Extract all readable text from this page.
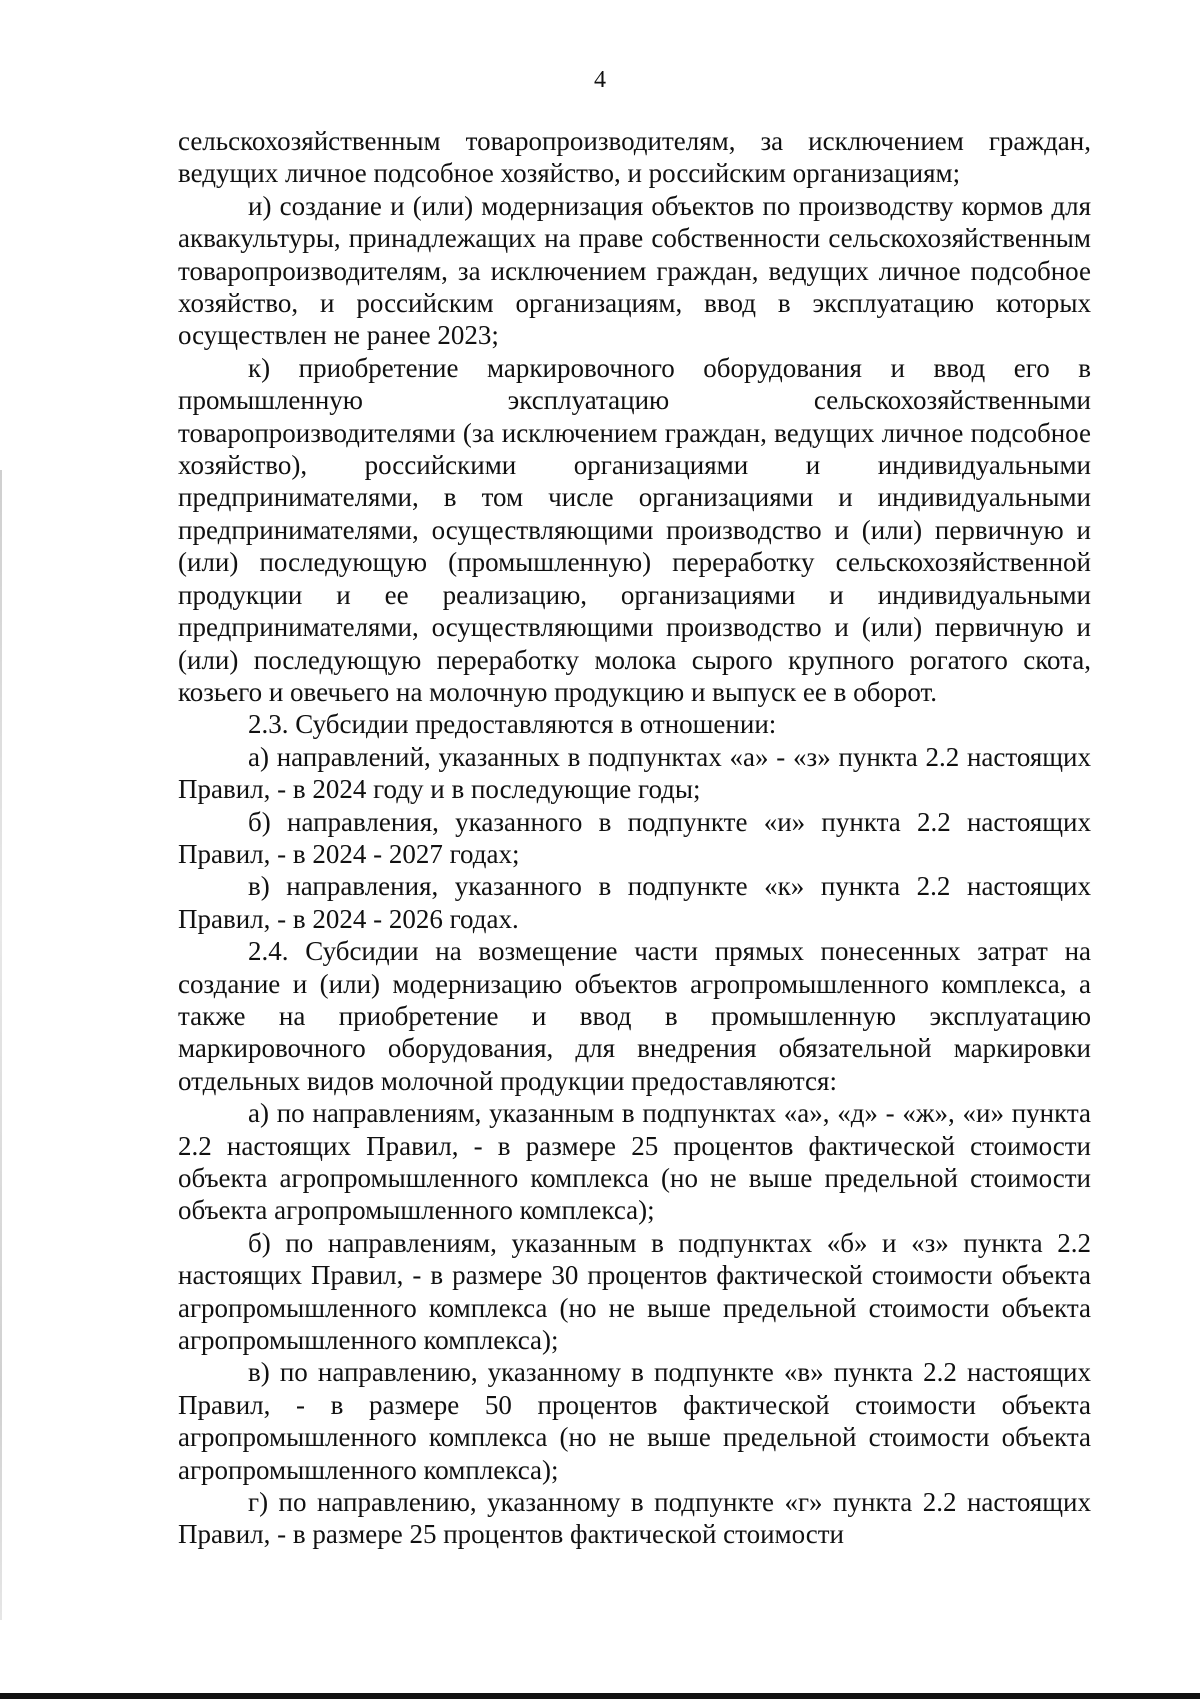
4

сельскохозяйственным товаропроизводителям, за исключением граждан, ведущих личное подсобное хозяйство, и российским организациям;

и) создание и (или) модернизация объектов по производству кормов для аквакультуры, принадлежащих на праве собственности сельскохозяйственным товаропроизводителям, за исключением граждан, ведущих личное подсобное хозяйство, и российским организациям, ввод в эксплуатацию которых осуществлен не ранее 2023;

к) приобретение маркировочного оборудования и ввод его в промышленную эксплуатацию сельскохозяйственными товаропроизводителями (за исключением граждан, ведущих личное подсобное хозяйство), российскими организациями и индивидуальными предпринимателями, в том числе организациями и индивидуальными предпринимателями, осуществляющими производство и (или) первичную и (или) последующую (промышленную) переработку сельскохозяйственной продукции и ее реализацию, организациями и индивидуальными предпринимателями, осуществляющими производство и (или) первичную и (или) последующую переработку молока сырого крупного рогатого скота, козьего и овечьего на молочную продукцию и выпуск ее в оборот.

2.3. Субсидии предоставляются в отношении:

а) направлений, указанных в подпунктах «а» - «з» пункта 2.2 настоящих Правил, - в 2024 году и в последующие годы;

б) направления, указанного в подпункте «и» пункта 2.2 настоящих Правил, - в 2024 - 2027 годах;

в) направления, указанного в подпункте «к» пункта 2.2 настоящих Правил, - в 2024 - 2026 годах.

2.4. Субсидии на возмещение части прямых понесенных затрат на создание и (или) модернизацию объектов агропромышленного комплекса, а также на приобретение и ввод в промышленную эксплуатацию маркировочного оборудования, для внедрения обязательной маркировки отдельных видов молочной продукции предоставляются:

а) по направлениям, указанным в подпунктах «а», «д» - «ж», «и» пункта 2.2 настоящих Правил, - в размере 25 процентов фактической стоимости объекта агропромышленного комплекса (но не выше предельной стоимости объекта агропромышленного комплекса);

б) по направлениям, указанным в подпунктах «б» и «з» пункта 2.2 настоящих Правил, - в размере 30 процентов фактической стоимости объекта агропромышленного комплекса (но не выше предельной стоимости объекта агропромышленного комплекса);

в) по направлению, указанному в подпункте «в» пункта 2.2 настоящих Правил, - в размере 50 процентов фактической стоимости объекта агропромышленного комплекса (но не выше предельной стоимости объекта агропромышленного комплекса);

г) по направлению, указанному в подпункте «г» пункта 2.2 настоящих Правил, - в размере 25 процентов фактической стоимости
